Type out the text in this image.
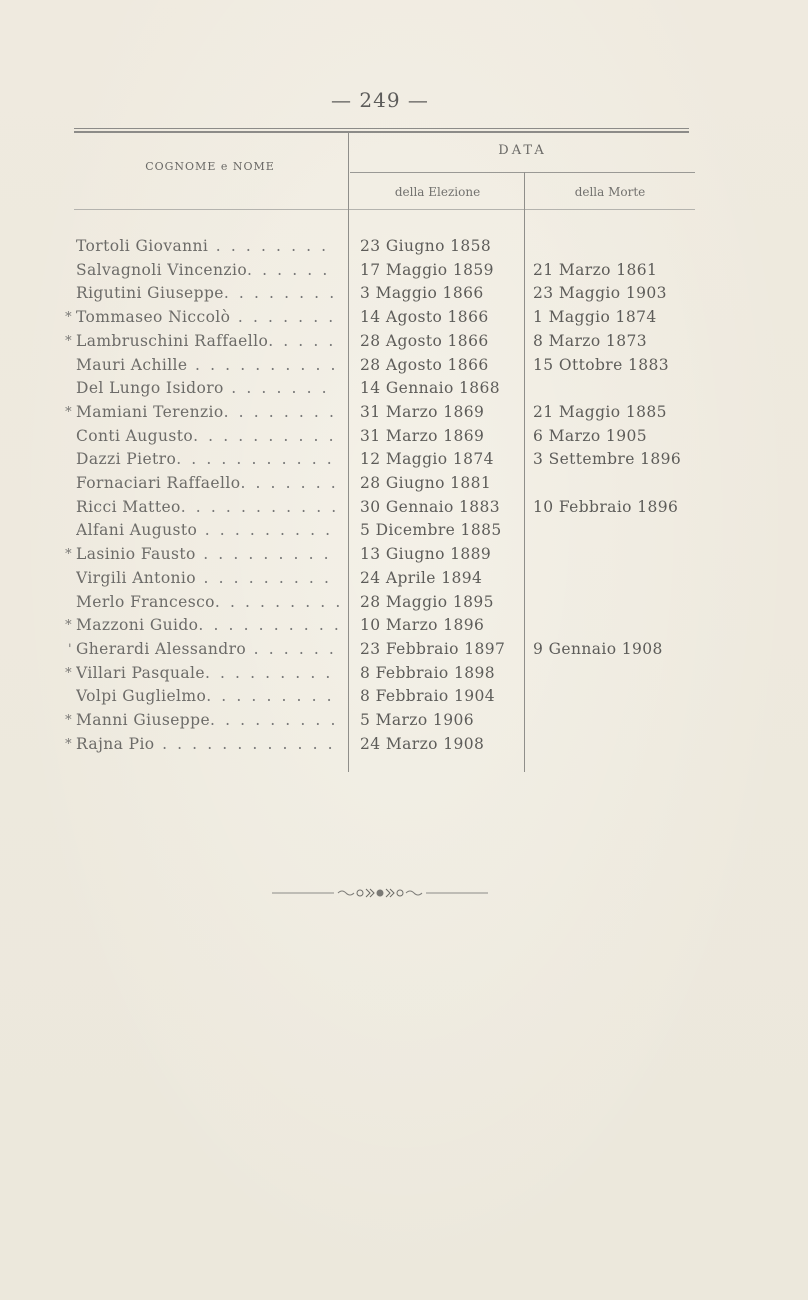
— 249 —
COGNOME e NOME
DATA
della Elezione	della Morte
Tortoli Giovanni . . . . . . . .	23 Giugno 1858
Salvagnoli Vincenzio. . . . . .	17 Maggio 1859	21 Marzo 1861
Rigutini Giuseppe. . . . . . . .	3 Maggio 1866	23 Maggio 1903
* Tommaseo Niccolò . . . . . . .	14 Agosto 1866	1 Maggio 1874
* Lambruschini Raffaello. . . . .	28 Agosto 1866	8 Marzo 1873
Mauri Achille . . . . . . . . . .	28 Agosto 1866	15 Ottobre 1883
Del Lungo Isidoro . . . . . . .	14 Gennaio 1868
* Mamiani Terenzio. . . . . . . .	31 Marzo 1869	21 Maggio 1885
Conti Augusto. . . . . . . . . .	31 Marzo 1869	6 Marzo 1905
Dazzi Pietro. . . . . . . . . . .	12 Maggio 1874	3 Settembre 1896
Fornaciari Raffaello. . . . . . .	28 Giugno 1881
Ricci Matteo. . . . . . . . . . .	30 Gennaio 1883	10 Febbraio 1896
Alfani Augusto . . . . . . . . .	5 Dicembre 1885
* Lasinio Fausto . . . . . . . . .	13 Giugno 1889
Virgili Antonio . . . . . . . . .	24 Aprile 1894
Merlo Francesco. . . . . . . . . 28 Maggio 1895
* Mazzoni Guido. . . . . . . . . . 10 Marzo 1896
' Gherardi Alessandro . . . . . .	23 Febbraio 1897	9 Gennaio 1908
* Villari Pasquale. . . . . . . . .	8 Febbraio 1898
Volpi Guglielmo. . . . . . . . .	8 Febbraio 1904
* Manni Giuseppe. . . . . . . . .	5 Marzo 1906
* Rajna Pio . . . . . . . . . . . .	24 Marzo 1908
